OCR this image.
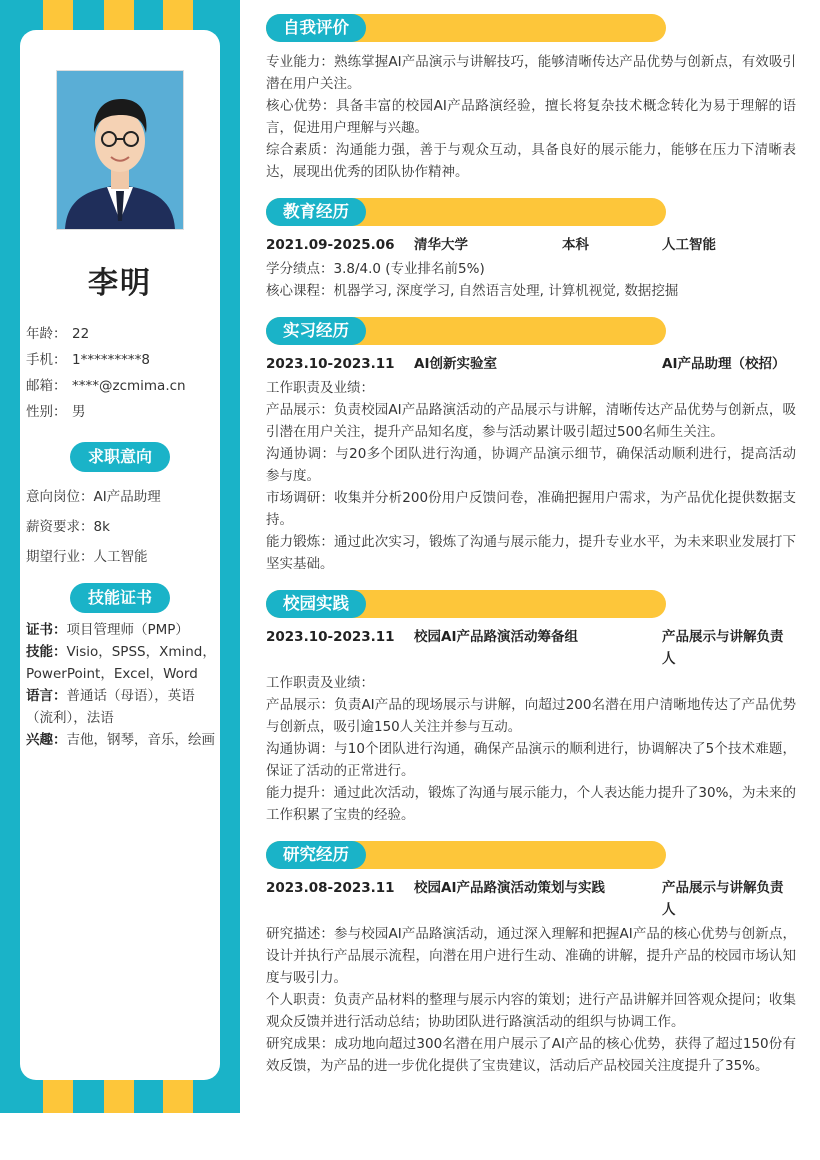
李明
年龄： 22
手机： 1*********8
邮箱： ****@zcmima.cn
性别： 男
求职意向
意向岗位：AI产品助理
薪资要求：8k
期望行业：人工智能
技能证书
证书：项目管理师（PMP）
技能：Visio，SPSS，Xmind，PowerPoint，Excel，Word
语言：普通话（母语），英语（流利），法语
兴趣：吉他，钢琴，音乐，绘画
自我评价

专业能力：熟练掌握AI产品演示与讲解技巧，能够清晰传达产品优势与创新点，有效吸引潜在用户关注。

核心优势：具备丰富的校园AI产品路演经验，擅长将复杂技术概念转化为易于理解的语言，促进用户理解与兴趣。

综合素质：沟通能力强，善于与观众互动，具备良好的展示能力，能够在压力下清晰表达，展现出优秀的团队协作精神。

教育经历
2021.09-2025.06 清华大学	本科	人工智能

学分绩点：3.8/4.0 (专业排名前5%)

核心课程：机器学习, 深度学习, 自然语言处理, 计算机视觉, 数据挖掘

实习经历
2023.10-2023.11 AI创新实验室	AI产品助理（校招）

工作职责及业绩：

产品展示：负责校园AI产品路演活动的产品展示与讲解，清晰传达产品优势与创新点，吸引潜在用户关注，提升产品知名度，参与活动累计吸引超过500名师生关注。

沟通协调：与20多个团队进行沟通，协调产品演示细节，确保活动顺利进行，提高活动参与度。

市场调研：收集并分析200份用户反馈问卷，准确把握用户需求，为产品优化提供数据支持。

能力锻炼：通过此次实习，锻炼了沟通与展示能力，提升专业水平，为未来职业发展打下坚实基础。

校园实践
2023.10-2023.11 校园AI产品路演活动筹备组	产品展示与讲解负责人

工作职责及业绩：

产品展示：负责AI产品的现场展示与讲解，向超过200名潜在用户清晰地传达了产品优势与创新点，吸引逾150人关注并参与互动。

沟通协调：与10个团队进行沟通，确保产品演示的顺利进行，协调解决了5个技术难题，保证了活动的正常进行。

能力提升：通过此次活动，锻炼了沟通与展示能力，个人表达能力提升了30%，为未来的工作积累了宝贵的经验。

研究经历
2023.08-2023.11 校园AI产品路演活动策划与实践	产品展示与讲解负责人

研究描述：参与校园AI产品路演活动，通过深入理解和把握AI产品的核心优势与创新点，设计并执行产品展示流程，向潜在用户进行生动、准确的讲解，提升产品的校园市场认知度与吸引力。

个人职责：负责产品材料的整理与展示内容的策划；进行产品讲解并回答观众提问；收集观众反馈并进行活动总结；协助团队进行路演活动的组织与协调工作。

研究成果：成功地向超过300名潜在用户展示了AI产品的核心优势，获得了超过150份有效反馈，为产品的进一步优化提供了宝贵建议，活动后产品校园关注度提升了35%。
